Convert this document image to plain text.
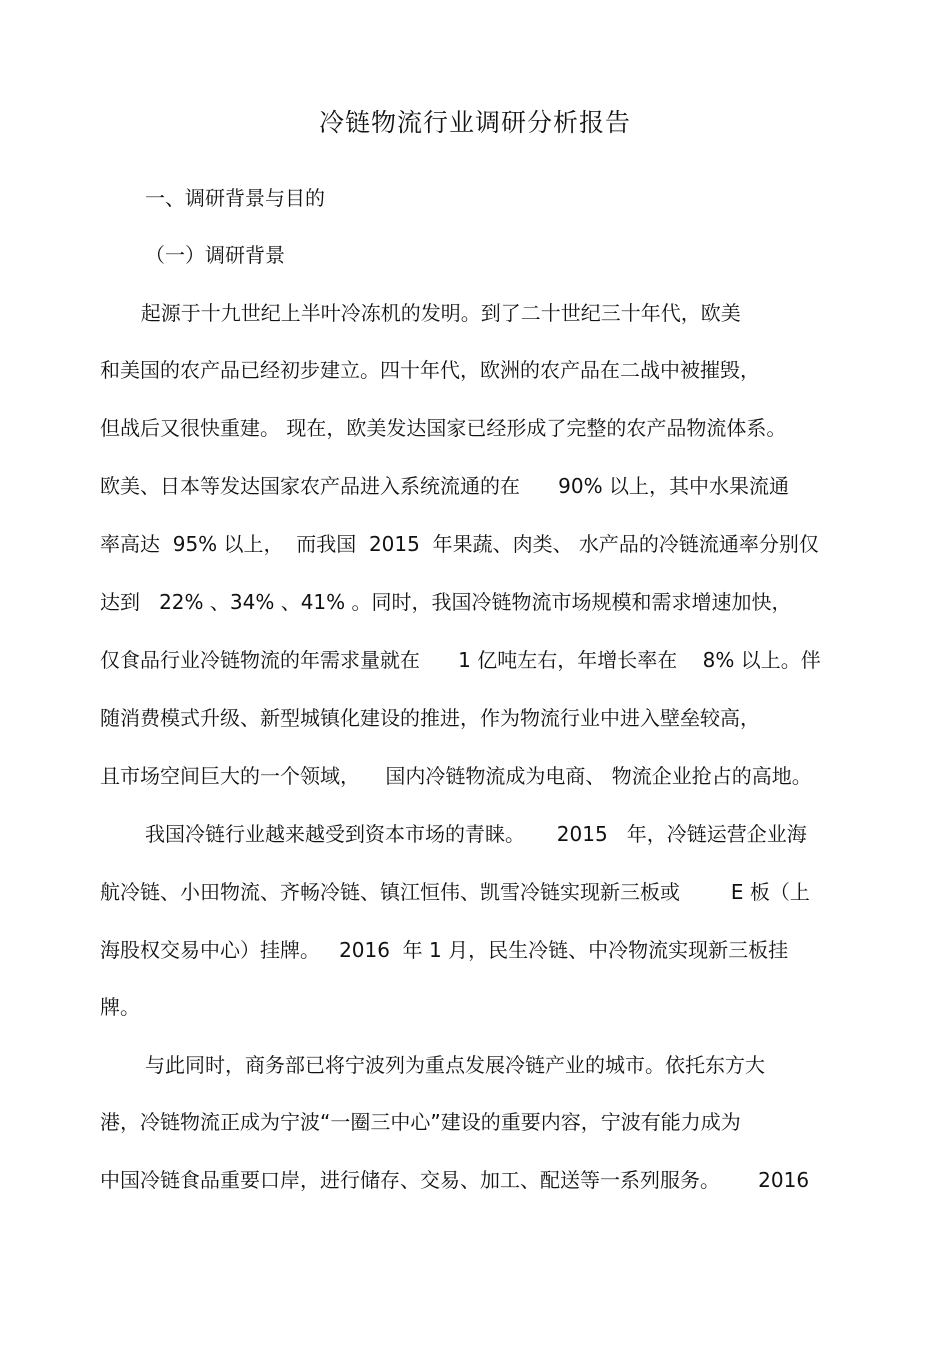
冷链物流行业调研分析报告
一、调研背景与目的
（一）调研背景
起源于十九世纪上半叶冷冻机的发明。到了二十世纪三十年代，欧美
和美国的农产品已经初步建立。四十年代，欧洲的农产品在二战中被摧毁，
但战后又很快重建。 现在，欧美发达国家已经形成了完整的农产品物流体系。
欧美、日本等发达国家农产品进入系统流通的在      90% 以上，其中水果流通
率高达  95% 以上，  而我国  2015  年果蔬、肉类、 水产品的冷链流通率分别仅
达到   22% 、34% 、41% 。同时，我国冷链物流市场规模和需求增速加快，
仅食品行业冷链物流的年需求量就在      1 亿吨左右，年增长率在    8% 以上。伴
随消费模式升级、新型城镇化建设的推进，作为物流行业中进入壁垒较高，
且市场空间巨大的一个领域，    国内冷链物流成为电商、 物流企业抢占的高地。
我国冷链行业越来越受到资本市场的青睐。     2015   年，冷链运营企业海
航冷链、小田物流、齐畅冷链、镇江恒伟、凯雪冷链实现新三板或        E 板（上
海股权交易中心）挂牌。   2016  年 1 月，民生冷链、中冷物流实现新三板挂
牌。
与此同时，商务部已将宁波列为重点发展冷链产业的城市。依托东方大
港，冷链物流正成为宁波“一圈三中心”建设的重要内容，宁波有能力成为
中国冷链食品重要口岸，进行储存、交易、加工、配送等一系列服务。      2016
